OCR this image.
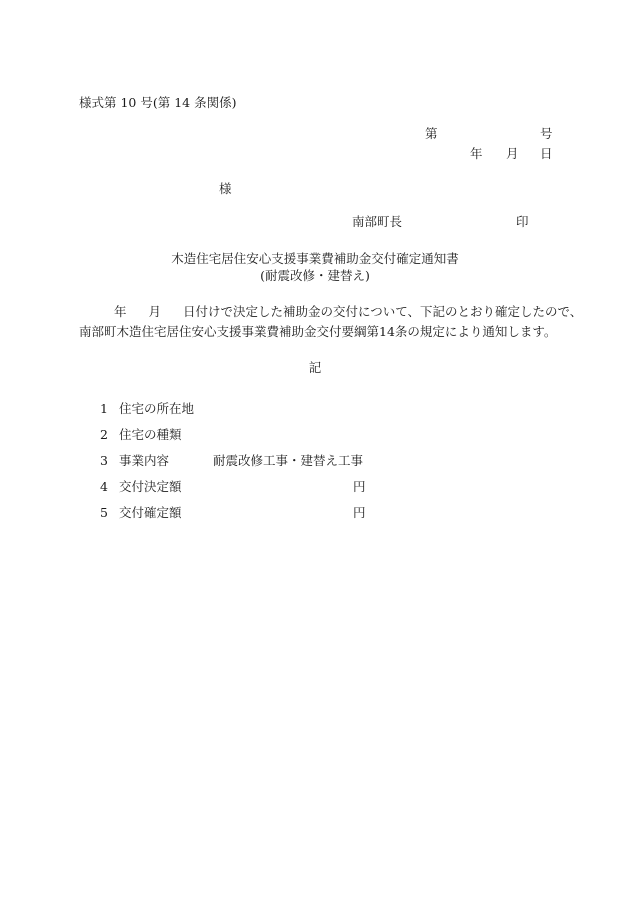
様式第 10 号(第 14 条関係)
第	号
年 月 日
様
南部町長	印
木造住宅居住安心支援事業費補助金交付確定通知書
(耐震改修・建替え)
年 月 日付けで決定した補助金の交付について、下記のとおり確定したので、
南部町木造住宅居住安心支援事業費補助金交付要綱第14条の規定により通知します。
記
1 住宅の所在地
2 住宅の種類
3 事業内容	耐震改修工事・建替え工事
4 交付決定額	円
5 交付確定額	円
